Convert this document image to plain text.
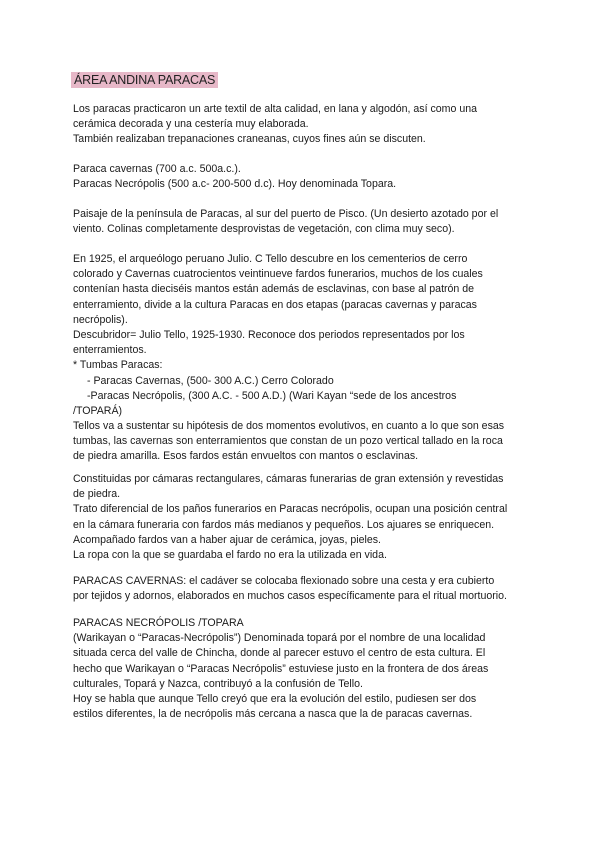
ÁREA ANDINA PARACAS
Los paracas practicaron un arte textil de alta calidad, en lana y algodón, así como una
cerámica decorada y una cestería muy elaborada.
También realizaban trepanaciones craneanas, cuyos fines aún se discuten.
Paraca cavernas (700 a.c. 500a.c.).
Paracas Necrópolis (500 a.c- 200-500 d.c). Hoy denominada Topara.
Paisaje de la península de Paracas, al sur del puerto de Pisco. (Un desierto azotado por el
viento. Colinas completamente desprovistas de vegetación, con clima muy seco).
En 1925, el arqueólogo peruano Julio. C Tello descubre en los cementerios de cerro
colorado y Cavernas cuatrocientos veintinueve fardos funerarios, muchos de los cuales
contenían hasta dieciséis mantos están además de esclavinas, con base al patrón de
enterramiento, divide a la cultura Paracas en dos etapas (paracas cavernas y paracas
necrópolis).
Descubridor= Julio Tello, 1925-1930. Reconoce dos periodos representados por los
enterramientos.
* Tumbas Paracas:
- Paracas Cavernas, (500- 300 A.C.) Cerro Colorado
-Paracas Necrópolis, (300 A.C. - 500 A.D.) (Wari Kayan “sede de los ancestros
/TOPARÁ)
Tellos va a sustentar su hipótesis de dos momentos evolutivos, en cuanto a lo que son esas
tumbas, las cavernas son enterramientos que constan de un pozo vertical tallado en la roca
de piedra amarilla. Esos fardos están envueltos con mantos o esclavinas.
Constituidas por cámaras rectangulares, cámaras funerarias de gran extensión y revestidas
de piedra.
Trato diferencial de los paños funerarios en Paracas necrópolis, ocupan una posición central
en la cámara funeraria con fardos más medianos y pequeños. Los ajuares se enriquecen.
Acompañado fardos van a haber ajuar de cerámica, joyas, pieles.
La ropa con la que se guardaba el fardo no era la utilizada en vida.
PARACAS CAVERNAS: el cadáver se colocaba flexionado sobre una cesta y era cubierto
por tejidos y adornos, elaborados en muchos casos específicamente para el ritual mortuorio.
PARACAS NECRÓPOLIS /TOPARA
(Warikayan o “Paracas-Necrópolis”) Denominada topará por el nombre de una localidad
situada cerca del valle de Chincha, donde al parecer estuvo el centro de esta cultura. El
hecho que Warikayan o “Paracas Necrópolis” estuviese justo en la frontera de dos áreas
culturales, Topará y Nazca, contribuyó a la confusión de Tello.
Hoy se habla que aunque Tello creyó que era la evolución del estilo, pudiesen ser dos
estilos diferentes, la de necrópolis más cercana a nasca que la de paracas cavernas.
